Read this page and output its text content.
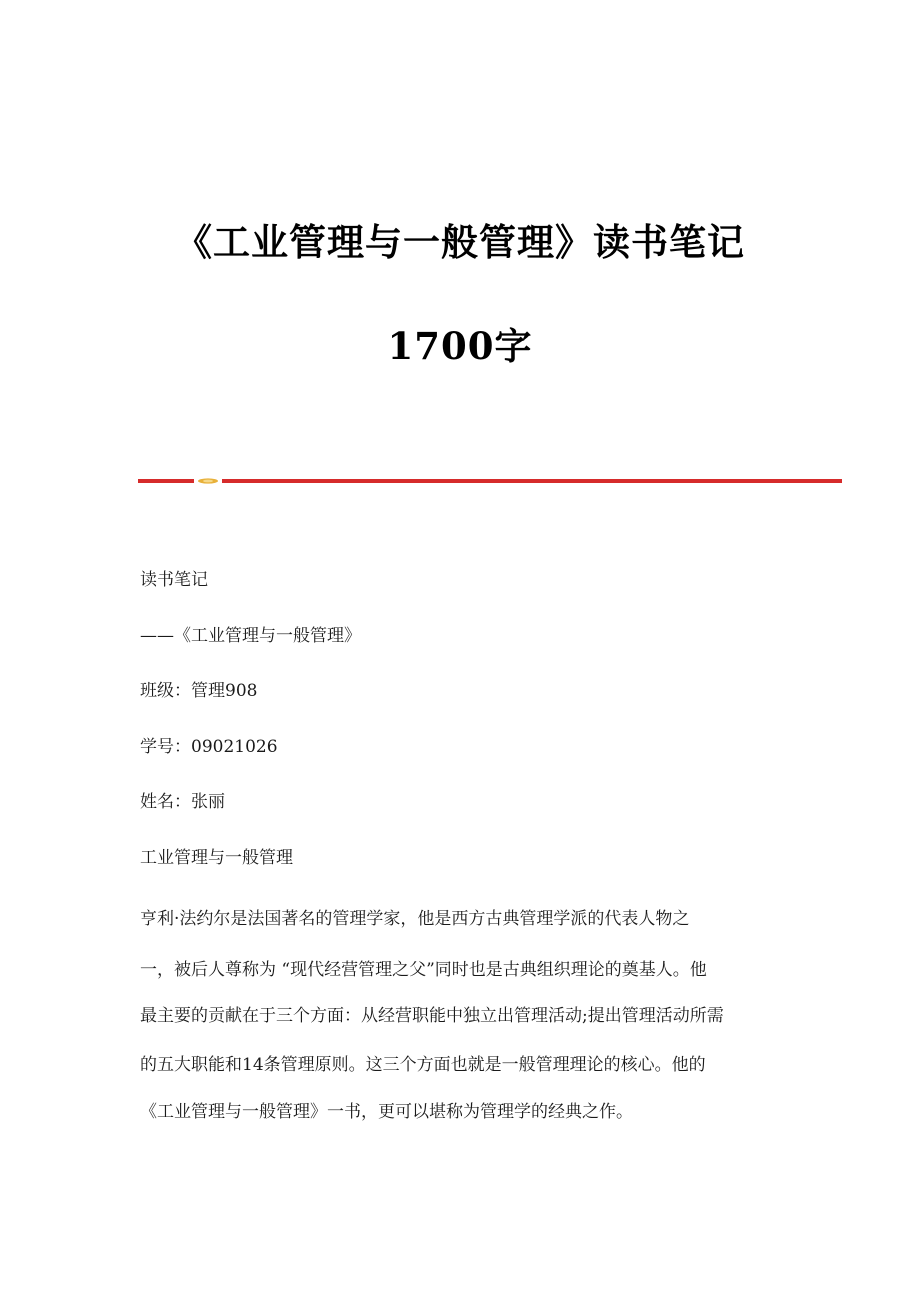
《工业管理与一般管理》读书笔记
1700字
读书笔记
——《工业管理与一般管理》
班级：管理908
学号：09021026
姓名：张丽
工业管理与一般管理
亨利·法约尔是法国著名的管理学家，他是西方古典管理学派的代表人物之
一，被后人尊称为 “现代经营管理之父”同时也是古典组织理论的奠基人。他
最主要的贡献在于三个方面：从经营职能中独立出管理活动;提出管理活动所需
的五大职能和14条管理原则。这三个方面也就是一般管理理论的核心。他的
《工业管理与一般管理》一书，更可以堪称为管理学的经典之作。
